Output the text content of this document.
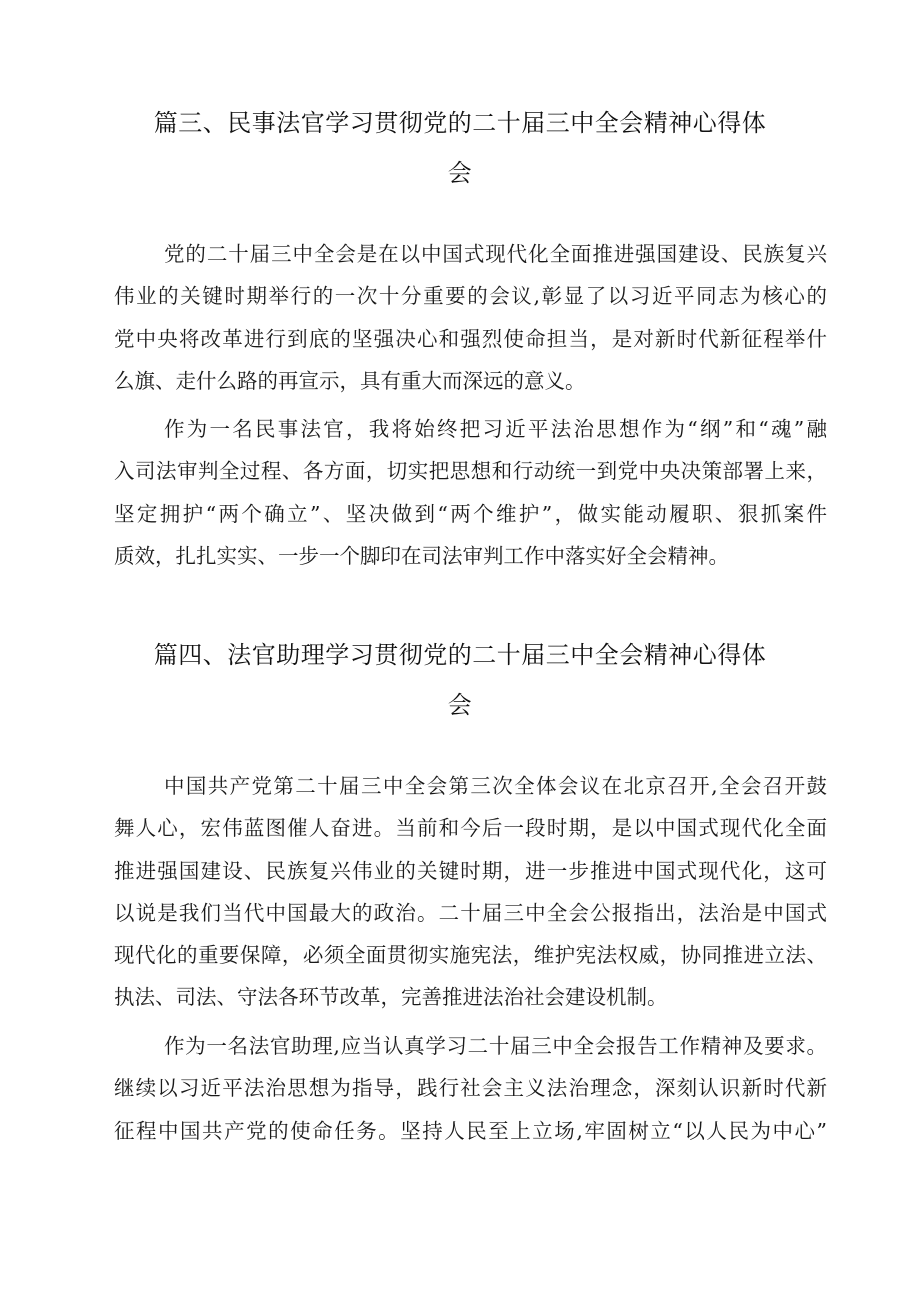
篇三、民事法官学习贯彻党的二十届三中全会精神心得体
会
党的二十届三中全会是在以中国式现代化全面推进强国建设、民族复兴
伟业的关键时期举行的一次十分重要的会议,彰显了以习近平同志为核心的
党中央将改革进行到底的坚强决心和强烈使命担当，是对新时代新征程举什
么旗、走什么路的再宣示，具有重大而深远的意义。
作为一名民事法官，我将始终把习近平法治思想作为“纲”和“魂”融
入司法审判全过程、各方面，切实把思想和行动统一到党中央决策部署上来，
坚定拥护“两个确立”、坚决做到“两个维护”，做实能动履职、狠抓案件
质效，扎扎实实、一步一个脚印在司法审判工作中落实好全会精神。
篇四、法官助理学习贯彻党的二十届三中全会精神心得体
会
中国共产党第二十届三中全会第三次全体会议在北京召开,全会召开鼓
舞人心，宏伟蓝图催人奋进。当前和今后一段时期，是以中国式现代化全面
推进强国建设、民族复兴伟业的关键时期，进一步推进中国式现代化，这可
以说是我们当代中国最大的政治。二十届三中全会公报指出，法治是中国式
现代化的重要保障，必须全面贯彻实施宪法，维护宪法权威，协同推进立法、
执法、司法、守法各环节改革，完善推进法治社会建设机制。
作为一名法官助理,应当认真学习二十届三中全会报告工作精神及要求。
继续以习近平法治思想为指导，践行社会主义法治理念，深刻认识新时代新
征程中国共产党的使命任务。坚持人民至上立场,牢固树立“以人民为中心”
